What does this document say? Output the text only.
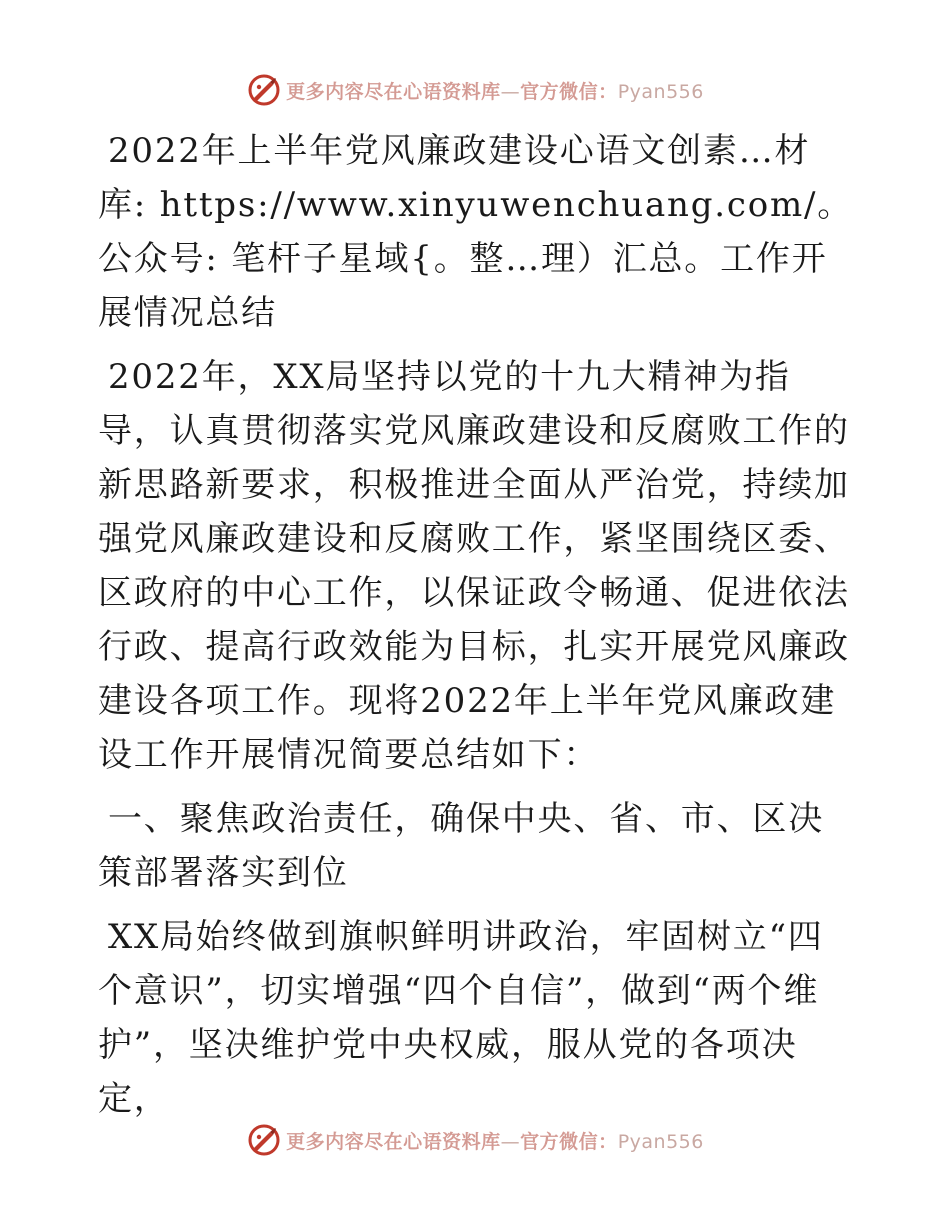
更多内容尽在心语资料库—官方微信：Pyan556

2022年上半年党风廉政建设心语文创素…材库: https://www.xinyuwenchuang.com/。公众号: 笔杆子星域{。整…理）汇总。工作开展情况总结

2022年，XX局坚持以党的十九大精神为指导，认真贯彻落实党风廉政建设和反腐败工作的新思路新要求，积极推进全面从严治党，持续加强党风廉政建设和反腐败工作，紧坚围绕区委、区政府的中心工作，以保证政令畅通、促进依法行政、提高行政效能为目标，扎实开展党风廉政建设各项工作。现将2022年上半年党风廉政建设工作开展情况简要总结如下：

一、聚焦政治责任，确保中央、省、市、区决策部署落实到位

XX局始终做到旗帜鲜明讲政治，牢固树立“四个意识”，切实增强“四个自信”，做到“两个维护”，坚决维护党中央权威，服从党的各项决定，

更多内容尽在心语资料库—官方微信：Pyan556
